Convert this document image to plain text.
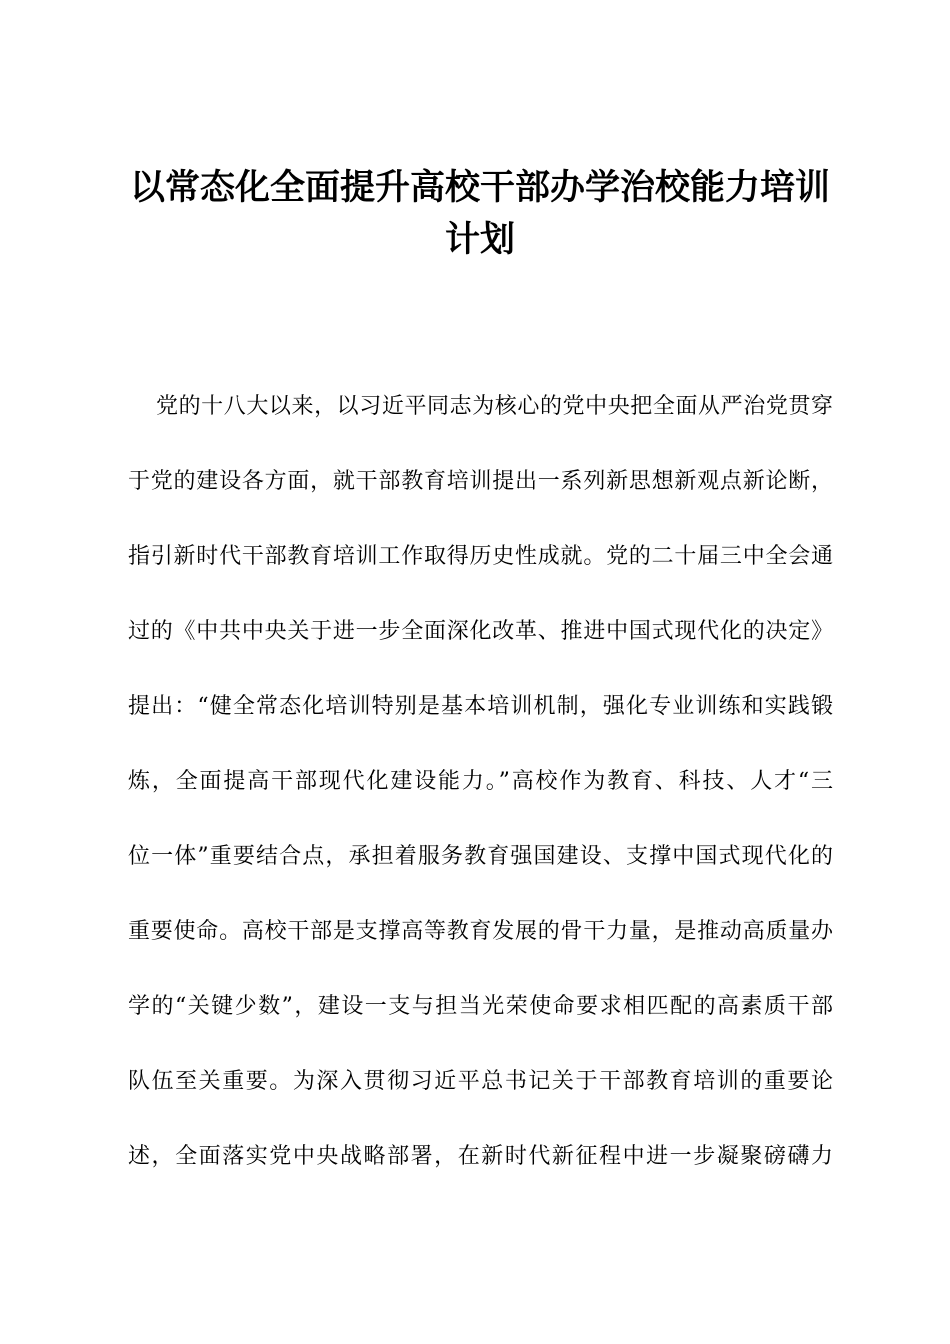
以常态化全面提升高校干部办学治校能力培训
计划
党的十八大以来，以习近平同志为核心的党中央把全面从严治党贯穿
于党的建设各方面，就干部教育培训提出一系列新思想新观点新论断，
指引新时代干部教育培训工作取得历史性成就。党的二十届三中全会通
过的《中共中央关于进一步全面深化改革、推进中国式现代化的决定》
提出：“健全常态化培训特别是基本培训机制，强化专业训练和实践锻
炼，全面提高干部现代化建设能力。”高校作为教育、科技、人才“三
位一体”重要结合点，承担着服务教育强国建设、支撑中国式现代化的
重要使命。高校干部是支撑高等教育发展的骨干力量，是推动高质量办
学的“关键少数”，建设一支与担当光荣使命要求相匹配的高素质干部
队伍至关重要。为深入贯彻习近平总书记关于干部教育培训的重要论
述，全面落实党中央战略部署，在新时代新征程中进一步凝聚磅礴力
